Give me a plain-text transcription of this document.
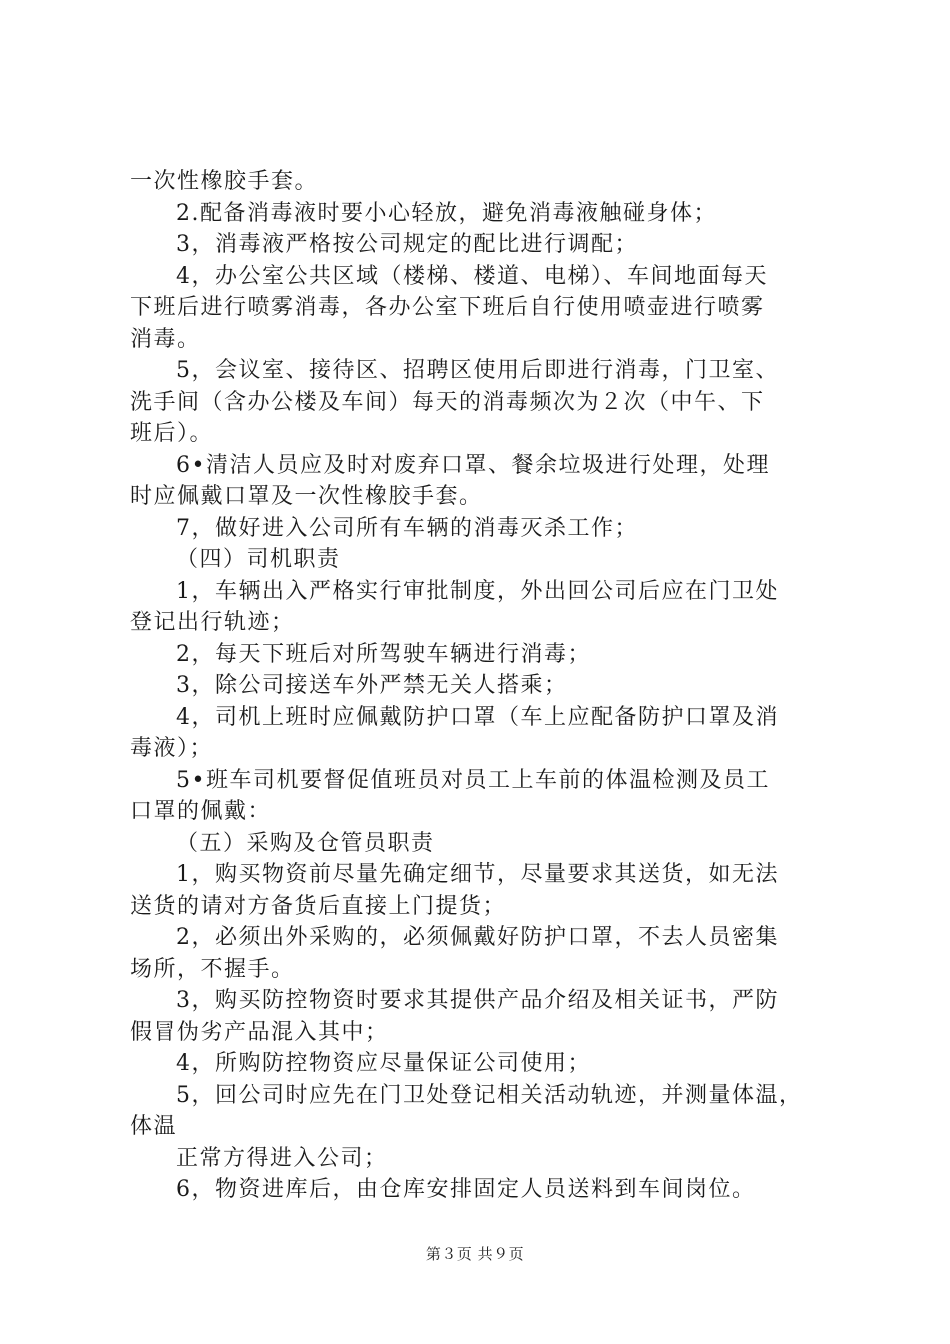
一次性橡胶手套。
2.配备消毒液时要小心轻放，避免消毒液触碰身体；
3，消毒液严格按公司规定的配比进行调配；
4，办公室公共区域（楼梯、楼道、电梯）、车间地面每天
下班后进行喷雾消毒，各办公室下班后自行使用喷壶进行喷雾
消毒。
5，会议室、接待区、招聘区使用后即进行消毒，门卫室、
洗手间（含办公楼及车间）每天的消毒频次为２次（中午、下
班后）。
6•清洁人员应及时对废弃口罩、餐余垃圾进行处理，处理
时应佩戴口罩及一次性橡胶手套。
7，做好进入公司所有车辆的消毒灭杀工作；
（四）司机职责
1，车辆出入严格实行审批制度，外出回公司后应在门卫处
登记出行轨迹；
2，每天下班后对所驾驶车辆进行消毒；
3，除公司接送车外严禁无关人搭乘；
4，司机上班时应佩戴防护口罩（车上应配备防护口罩及消
毒液）；
5•班车司机要督促值班员对员工上车前的体温检测及员工
口罩的佩戴：
（五）采购及仓管员职责
1，购买物资前尽量先确定细节，尽量要求其送货，如无法
送货的请对方备货后直接上门提货；
2，必须出外采购的，必须佩戴好防护口罩，不去人员密集
场所，不握手。
3，购买防控物资时要求其提供产品介绍及相关证书，严防
假冒伪劣产品混入其中；
4，所购防控物资应尽量保证公司使用；
5，回公司时应先在门卫处登记相关活动轨迹，并测量体温，
体温
正常方得进入公司；
6，物资进库后，由仓库安排固定人员送料到车间岗位。
第３页 共９页
